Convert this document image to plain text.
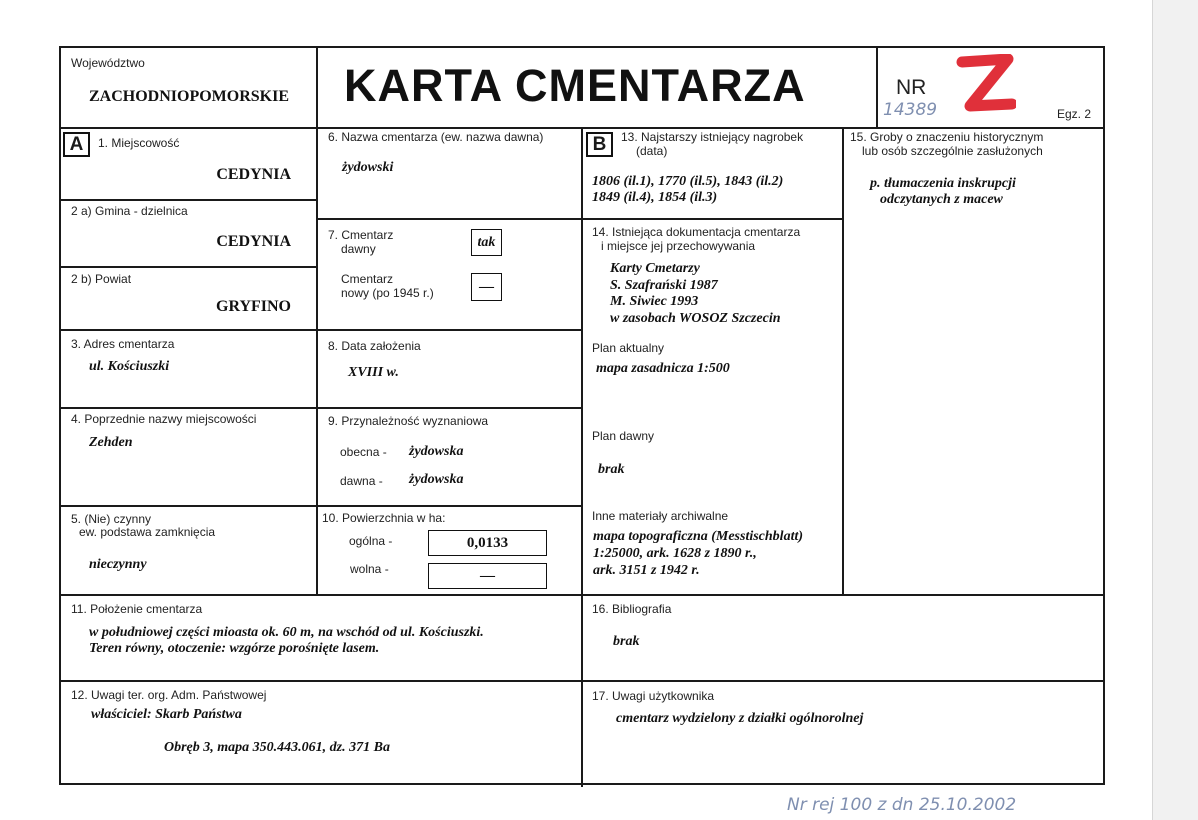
Województwo
ZACHODNIOPOMORSKIE KARTA CMENTARZA	NR
14389	Egz. 2
A	1. Miejscowość
CEDYNIA
2 a) Gmina - dzielnica
CEDYNIA
2 b) Powiat
GRYFINO
3. Adres cmentarza
ul. Kościuszki
4. Poprzednie nazwy miejscowości
Zehden
5. (Nie) czynny
ew. podstawa zamknięcia
nieczynny
6. Nazwa cmentarza (ew. nazwa dawna)
żydowski
7. Cmentarz
dawny	tak
Cmentarz
nowy (po 1945 r.)	—
8. Data założenia
XVIII w.
9. Przynależność wyznaniowa
obecna - żydowska
dawna - żydowska
10. Powierzchnia w ha:
ogólna -	0,0133
wolna -	—
B	13. Najstarszy istniejący nagrobek
(data)
1806 (il.1), 1770 (il.5), 1843 (il.2)
1849 (il.4), 1854 (il.3)
14. Istniejąca dokumentacja cmentarza
i miejsce jej przechowywania
Karty Cmetarzy
S. Szafrański 1987
M. Siwiec 1993
w zasobach WOSOZ Szczecin
Plan aktualny
mapa zasadnicza 1:500
Plan dawny
brak
Inne materiały archiwalne
mapa topograficzna (Messtischblatt)
1:25000, ark. 1628 z 1890 r.,
ark. 3151 z 1942 r.
15. Groby o znaczeniu historycznym
lub osób szczególnie zasłużonych
p. tłumaczenia inskrupcji
odczytanych z macew
11. Położenie cmentarza
w południowej części mioasta ok. 60 m, na wschód od ul. Kościuszki.
Teren równy, otoczenie: wzgórze porośnięte lasem.
16. Bibliografia
brak
12. Uwagi ter. org. Adm. Państwowej
właściciel: Skarb Państwa
Obręb 3, mapa 350.443.061, dz. 371 Ba
17. Uwagi użytkownika
cmentarz wydzielony z działki ogólnorolnej
Nr rej 100 z dn 25.10.2002
